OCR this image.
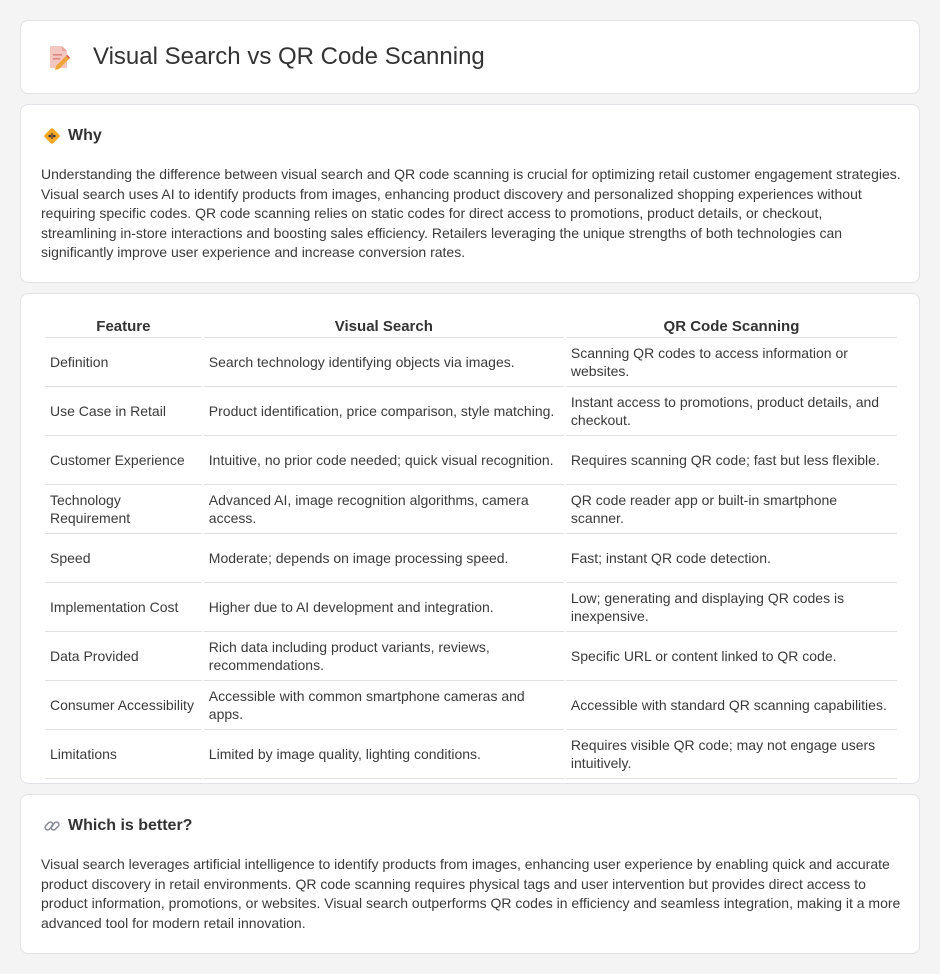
Visual Search vs QR Code Scanning
Why

Understanding the difference between visual search and QR code scanning is crucial for optimizing retail customer engagement strategies. Visual search uses AI to identify products from images, enhancing product discovery and personalized shopping experiences without requiring specific codes. QR code scanning relies on static codes for direct access to promotions, product details, or checkout, streamlining in-store interactions and boosting sales efficiency. Retailers leveraging the unique strengths of both technologies can significantly improve user experience and increase conversion rates.

Feature	Visual Search	QR Code Scanning
Definition	Search technology identifying objects via images.	Scanning QR codes to access information or websites.
Use Case in Retail	Product identification, price comparison, style matching.	Instant access to promotions, product details, and checkout.
Customer Experience	Intuitive, no prior code needed; quick visual recognition.	Requires scanning QR code; fast but less flexible.
Technology Requirement	Advanced AI, image recognition algorithms, camera access.	QR code reader app or built-in smartphone scanner.
Speed	Moderate; depends on image processing speed.	Fast; instant QR code detection.
Implementation Cost	Higher due to AI development and integration.	Low; generating and displaying QR codes is inexpensive.
Data Provided	Rich data including product variants, reviews, recommendations.	Specific URL or content linked to QR code.
Consumer Accessibility	Accessible with common smartphone cameras and apps.	Accessible with standard QR scanning capabilities.
Limitations	Limited by image quality, lighting conditions.	Requires visible QR code; may not engage users intuitively.
Which is better?

Visual search leverages artificial intelligence to identify products from images, enhancing user experience by enabling quick and accurate product discovery in retail environments. QR code scanning requires physical tags and user intervention but provides direct access to product information, promotions, or websites. Visual search outperforms QR codes in efficiency and seamless integration, making it a more advanced tool for modern retail innovation.
